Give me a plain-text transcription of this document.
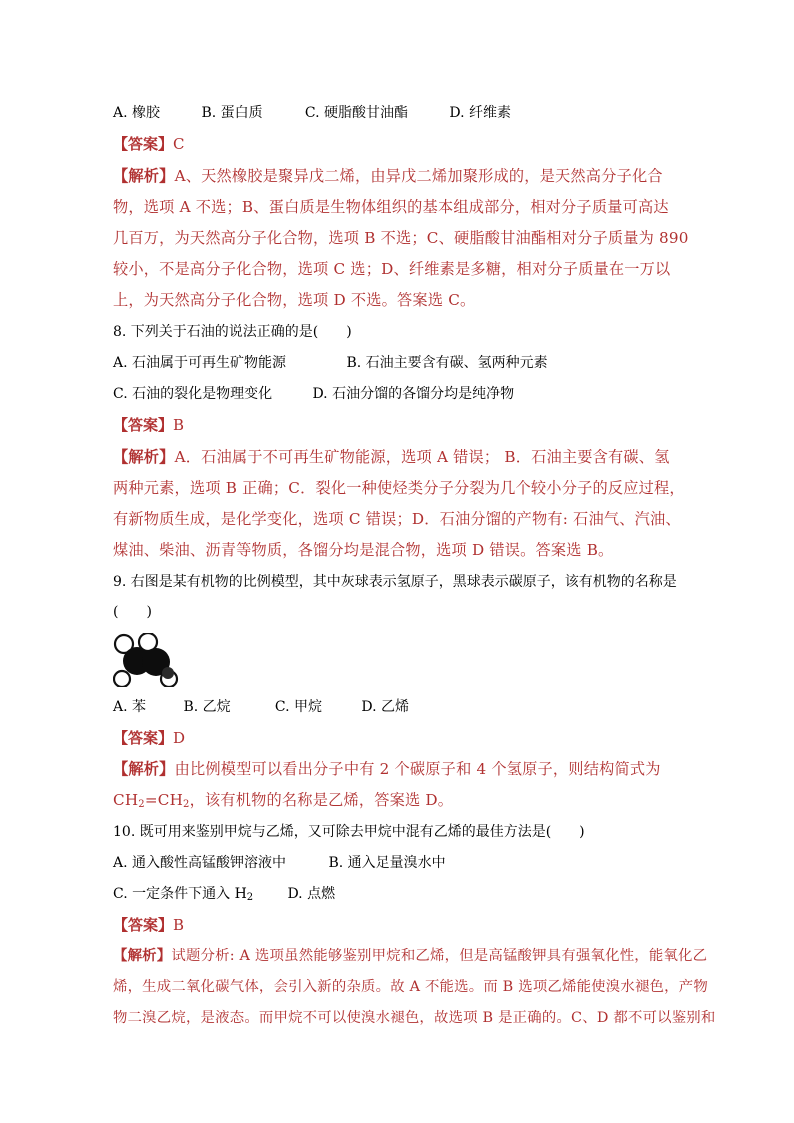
A. 橡胶	B. 蛋白质	C. 硬脂酸甘油酯	D. 纤维素
【答案】C
【解析】A、天然橡胶是聚异戊二烯，由异戊二烯加聚形成的，是天然高分子化合
物，选项 A 不选；B、蛋白质是生物体组织的基本组成部分，相对分子质量可高达
几百万，为天然高分子化合物，选项 B 不选；C、硬脂酸甘油酯相对分子质量为 890
较小，不是高分子化合物，选项 C 选；D、纤维素是多糖，相对分子质量在一万以
上，为天然高分子化合物，选项 D 不选。答案选 C。
8. 下列关于石油的说法正确的是(　　)
A. 石油属于可再生矿物能源	B. 石油主要含有碳、氢两种元素
C. 石油的裂化是物理变化	D. 石油分馏的各馏分均是纯净物
【答案】B
【解析】A．石油属于不可再生矿物能源，选项 A 错误； B．石油主要含有碳、氢
两种元素，选项 B 正确；C．裂化一种使烃类分子分裂为几个较小分子的反应过程，
有新物质生成，是化学变化，选项 C 错误；D．石油分馏的产物有: 石油气、汽油、
煤油、柴油、沥青等物质，各馏分均是混合物，选项 D 错误。答案选 B。
9. 右图是某有机物的比例模型，其中灰球表示氢原子，黑球表示碳原子，该有机物的名称是
(　　)
A. 苯	B. 乙烷	C. 甲烷	D. 乙烯
【答案】D
【解析】由比例模型可以看出分子中有 2 个碳原子和 4 个氢原子，则结构简式为
$CH_2=CH_2$，该有机物的名称是乙烯，答案选 D。
10. 既可用来鉴别甲烷与乙烯，又可除去甲烷中混有乙烯的最佳方法是(　　)
A. 通入酸性高锰酸钾溶液中	B. 通入足量溴水中
C. 一定条件下通入 $H_2$ D. 点燃
【答案】B
【解析】试题分析: A 选项虽然能够鉴别甲烷和乙烯，但是高锰酸钾具有强氧化性，能氧化乙
烯，生成二氧化碳气体，会引入新的杂质。故 A 不能选。而 B 选项乙烯能使溴水褪色，产物
物二溴乙烷，是液态。而甲烷不可以使溴水褪色，故选项 B 是正确的。C、D 都不可以鉴别和
